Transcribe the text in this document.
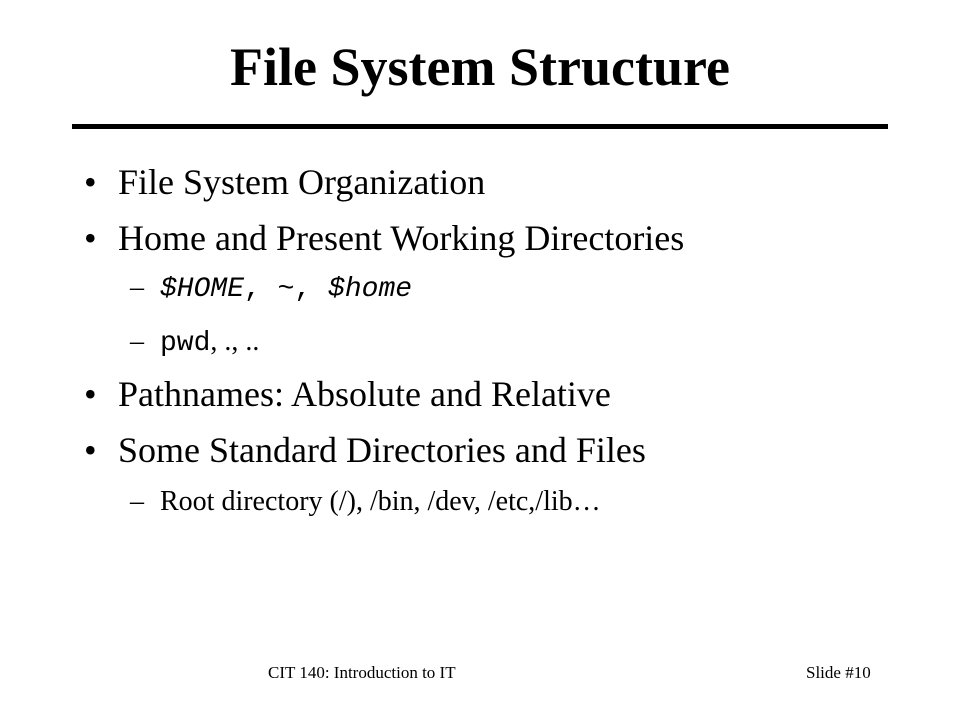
File System Structure
• File System Organization
• Home and Present Working Directories
– $HOME, ~, $home
– pwd, ., ..
• Pathnames: Absolute and Relative
• Some Standard Directories and Files
– Root directory (/), /bin, /dev, /etc,/lib…
CIT 140: Introduction to IT	Slide #10
